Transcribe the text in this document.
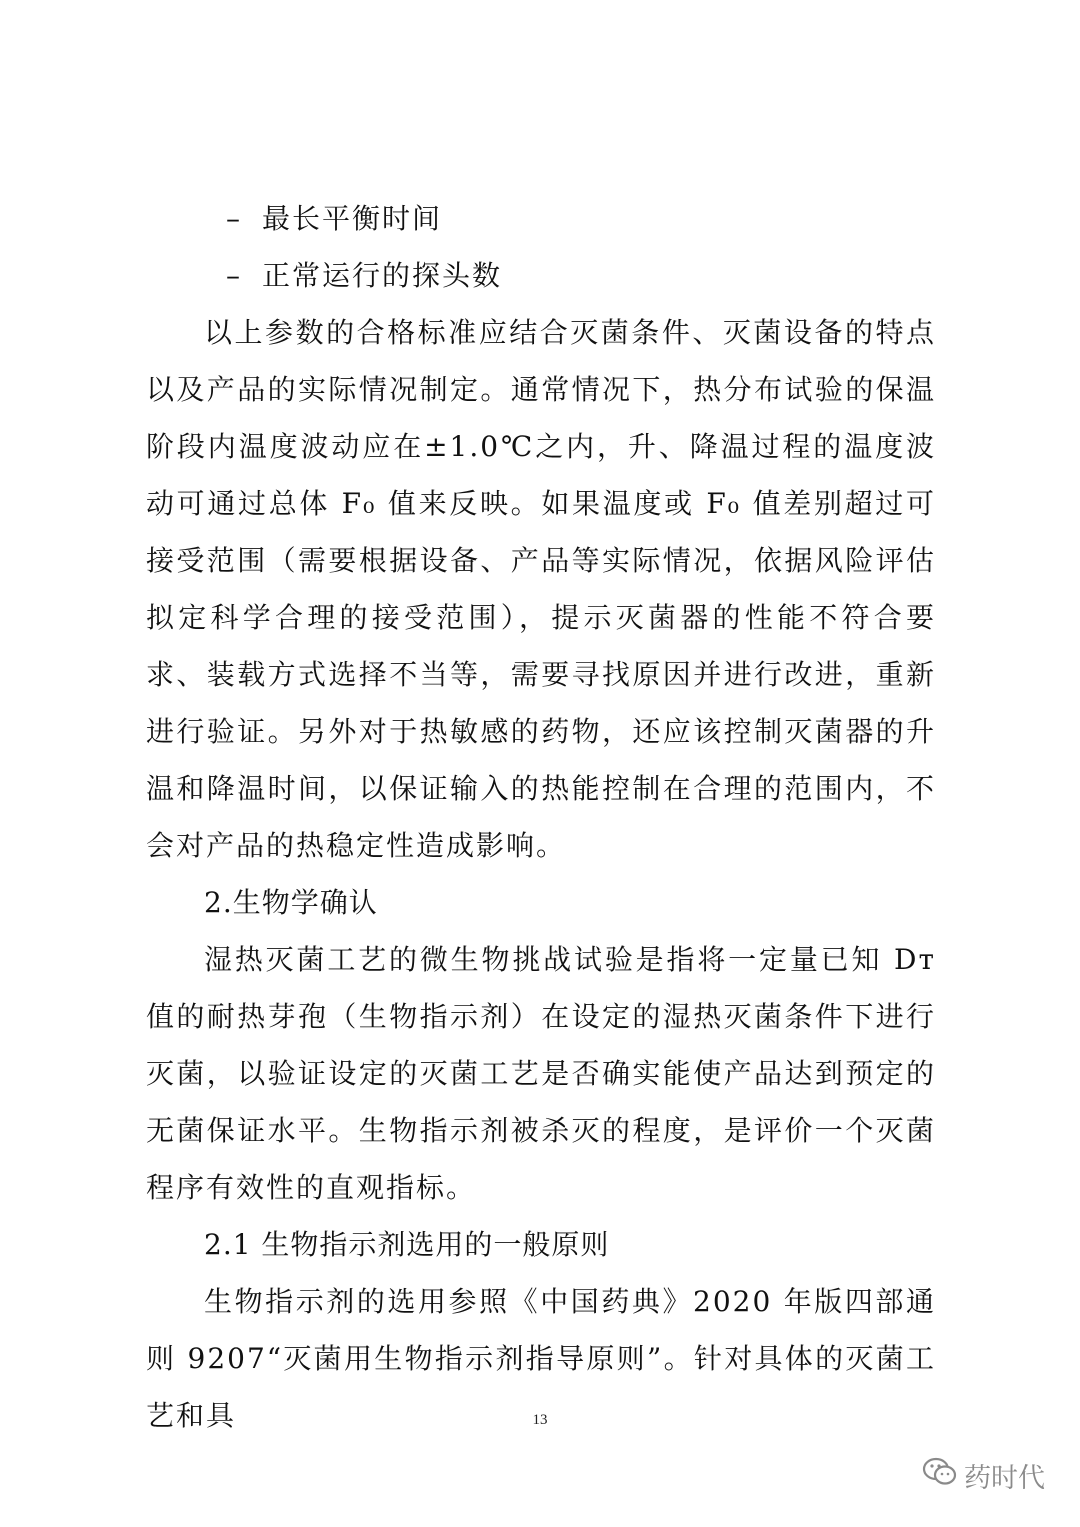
– 最长平衡时间
– 正常运行的探头数

以上参数的合格标准应结合灭菌条件、灭菌设备的特点以及产品的实际情况制定。通常情况下，热分布试验的保温阶段内温度波动应在±1.0℃之内，升、降温过程的温度波动可通过总体 F₀ 值来反映。如果温度或 F₀ 值差别超过可接受范围（需要根据设备、产品等实际情况，依据风险评估拟定科学合理的接受范围），提示灭菌器的性能不符合要求、装载方式选择不当等，需要寻找原因并进行改进，重新进行验证。另外对于热敏感的药物，还应该控制灭菌器的升温和降温时间，以保证输入的热能控制在合理的范围内，不会对产品的热稳定性造成影响。

2.生物学确认

湿热灭菌工艺的微生物挑战试验是指将一定量已知 Dᴛ 值的耐热芽孢（生物指示剂）在设定的湿热灭菌条件下进行灭菌，以验证设定的灭菌工艺是否确实能使产品达到预定的无菌保证水平。生物指示剂被杀灭的程度，是评价一个灭菌程序有效性的直观指标。

2.1 生物指示剂选用的一般原则

生物指示剂的选用参照《中国药典》2020 年版四部通则 9207“灭菌用生物指示剂指导原则”。针对具体的灭菌工艺和具	13
药时代
